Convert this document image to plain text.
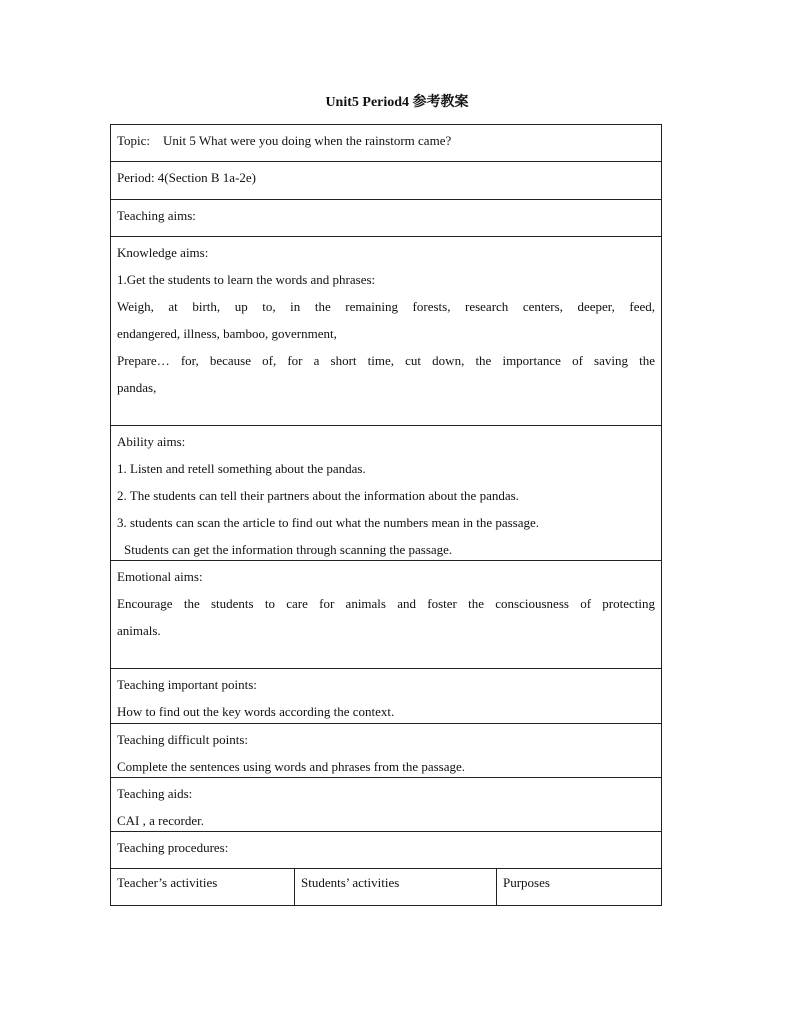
Unit5 Period4 参考教案
Topic:    Unit 5 What were you doing when the rainstorm came?
Period: 4(Section B 1a-2e)
Teaching aims:
Knowledge aims:
1.Get the students to learn the words and phrases:
Weigh, at birth, up to, in the remaining forests, research centers, deeper, feed,
endangered, illness, bamboo, government,
Prepare… for, because of, for a short time, cut down, the importance of saving the
pandas,
Ability aims:
1. Listen and retell something about the pandas.
2. The students can tell their partners about the information about the pandas.
3. students can scan the article to find out what the numbers mean in the passage.
Students can get the information through scanning the passage.
Emotional aims:
Encourage the students to care for animals and foster the consciousness of protecting
animals.
Teaching important points:
How to find out the key words according the context.
Teaching difficult points:
Complete the sentences using words and phrases from the passage.
Teaching aids:
CAI , a recorder.
Teaching procedures:
Teacher’s activities	Students’ activities	Purposes
